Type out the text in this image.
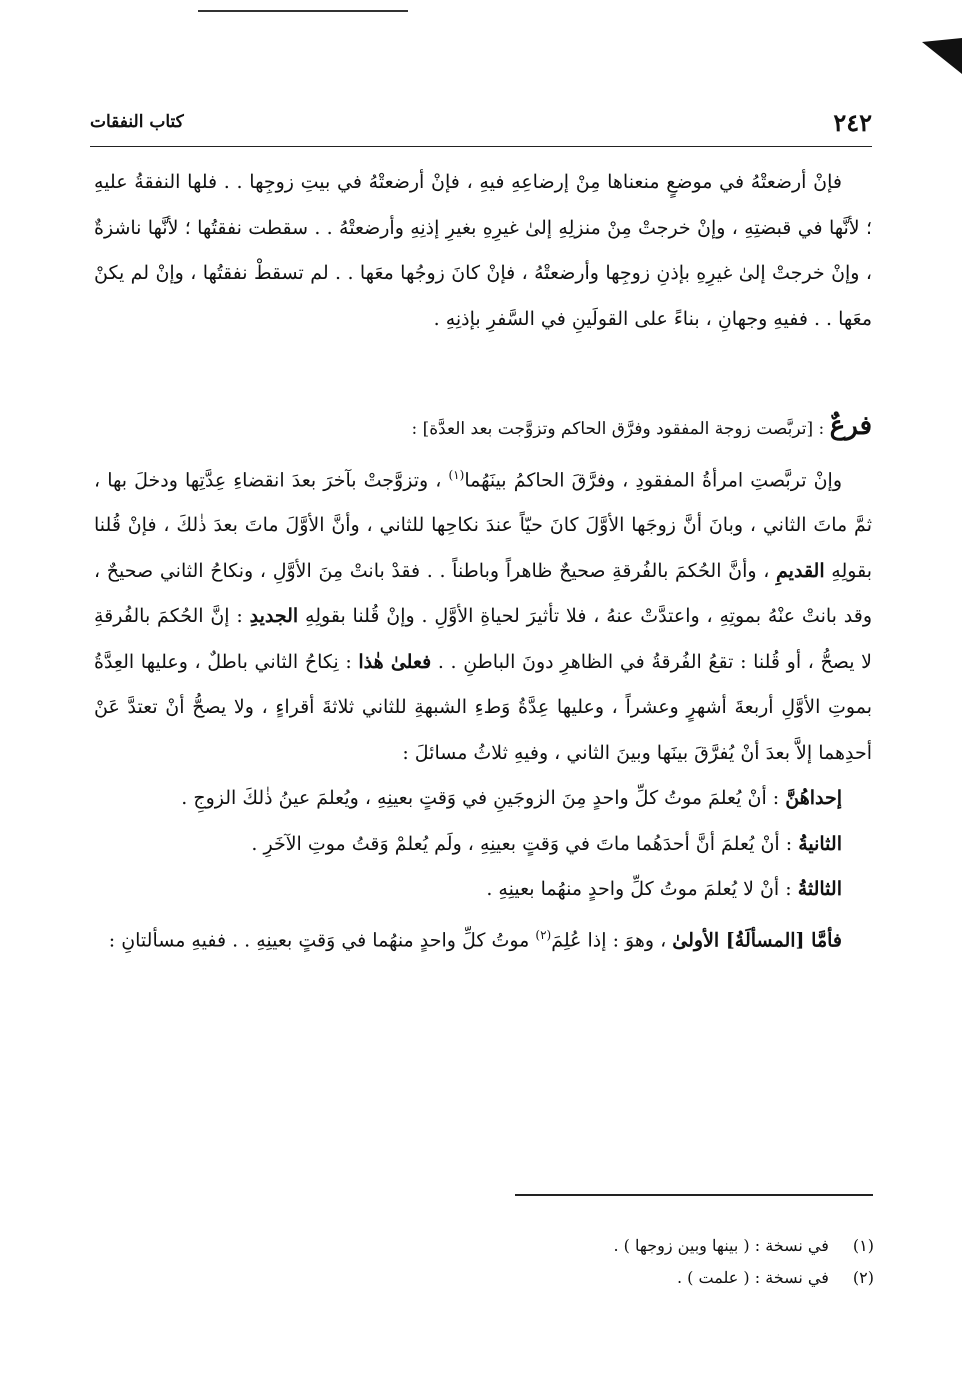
٢٤٢
كتاب النفقات

فإنْ أرضعتْهُ في موضعٍ منعناها مِنْ إرضاعِهِ فيهِ ، فإنْ أرضعتْهُ في بيتِ زوجِها . . فلها النفقةُ عليهِ ؛ لأنَّها في قبضتِهِ ، وإنْ خرجتْ مِنْ منزلِهِ إلىٰ غيرِهِ بغيرِ إذنِهِ وأرضعتْهُ . . سقطت نفقتُها ؛ لأنَّها ناشزةٌ ، وإنْ خرجتْ إلىٰ غيرِهِ بإذنِ زوجِها وأرضعتْهُ ، فإنْ كانَ زوجُها معَها . . لم تسقطْ نفقتُها ، وإنْ لم يكنْ معَها . . ففيهِ وجهانِ ، بناءً على القولَينِ في السَّفرِ بإذنِهِ .

فرعٌ : [تربَّصت زوجة المفقود وفرَّق الحاكم وتزوَّجت بعد العدَّة] :

وإنْ تربَّصتِ امرأةُ المفقودِ ، وفرَّقَ الحاكمُ بينَهُما$^{(١)}$ ، وتزوَّجتْ بآخرَ بعدَ انقضاءِ عِدَّتِها ودخلَ بها ، ثمَّ ماتَ الثاني ، وبانَ أنَّ زوجَها الأوَّلَ كانَ حيّاً عندَ نكاحِها للثاني ، وأنَّ الأوَّلَ ماتَ بعدَ ذٰلكَ ، فإنْ قُلنا بقولِهِ القديمِ ، وأنَّ الحُكمَ بالفُرقةِ صحيحٌ ظاهراً وباطناً . . فقدْ بانتْ مِنَ الأوَّلِ ، ونكاحُ الثاني صحيحٌ ، وقد بانتْ عنْهُ بموتِهِ ، واعتدَّتْ عنهُ ، فلا تأثيرَ لحياةِ الأوَّلِ . وإنْ قُلنا بقولِهِ الجديدِ : إنَّ الحُكمَ بالفُرقةِ لا يصحُّ ، أو قُلنا : تقعُ الفُرقةُ في الظاهرِ دونَ الباطنِ . . فعلىٰ هٰذا : نِكاحُ الثاني باطلٌ ، وعليها العِدَّةُ بموتِ الأوَّلِ أربعةَ أشهرٍ وعشراً ، وعليها عِدَّةُ وَطءِ الشبهةِ للثاني ثلاثةَ أقراءٍ ، ولا يصحُّ أنْ تعتدَّ عَنْ أحدِهما إلاَّ بعدَ أنْ يُفرَّقَ بينَها وبينَ الثاني ، وفيهِ ثلاثُ مسائلَ :

إحداهُنَّ : أنْ يُعلمَ موتُ كلِّ واحدٍ مِنَ الزوجَينِ في وَقتٍ بعينِهِ ، ويُعلمَ عينُ ذٰلكَ الزوجِ .

الثانيةُ : أنْ يُعلمَ أنَّ أحدَهُما ماتَ في وَقتٍ بعينِهِ ، ولَم يُعلمْ وَقتُ موتِ الآخَرِ .

الثالثةُ : أنْ لا يُعلمَ موتُ كلِّ واحدٍ منهُما بعينِهِ .

فأمَّا [المسألَةُ] الأولىٰ ، وهوَ : إذا عُلِمَ$^{(٢)}$ موتُ كلِّ واحدٍ منهُما في وَقتٍ بعينِهِ . . ففيهِ مسألتانِ :

(١) في نسخة : ( بينها وبين زوجها ) .
(٢) في نسخة : ( علمت ) .
